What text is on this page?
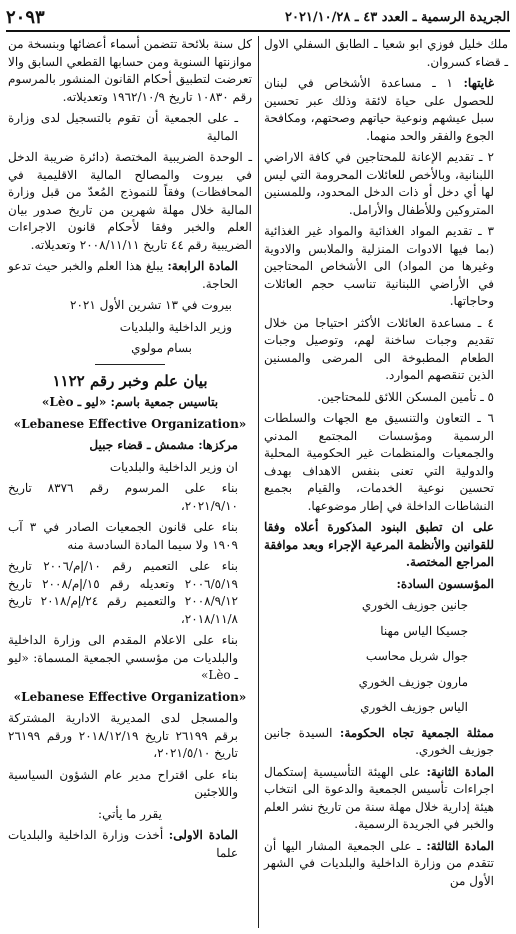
الجريدة الرسمية ـ العدد ٤٣ ـ ٢٠٢١/١٠/٢٨
٢٠٩٣

ملك خليل فوزي ابو شعيا ـ الطابق السفلي الاول ـ قضاء كسروان.

غايتها: ١ ـ مساعدة الأشخاص في لبنان للحصول على حياة لائقة وذلك عبر تحسين سبل عيشهم ونوعية حياتهم وصحتهم، ومكافحة الجوع والفقر والحد منهما.

٢ ـ تقديم الإعانة للمحتاجين في كافة الاراضي اللبنانية، وبالأخص للعائلات المحرومة التي ليس لها أي دخل أو ذات الدخل المحدود، وللمسنين المتروكين وللأطفال والأرامل.

٣ ـ تقديم المواد الغذائية والمواد غير الغذائية (بما فيها الادوات المنزلية والملابس والادوية وغيرها من المواد) الى الأشخاص المحتاجين في الأراضي اللبنانية تناسب حجم العائلات وحاجاتها.

٤ ـ مساعدة العائلات الأكثر احتياجا من خلال تقديم وجبات ساخنة لهم، وتوصيل وجبات الطعام المطبوخة الى المرضى والمسنين الذين تنقصهم الموارد.

٥ ـ تأمين المسكن اللائق للمحتاجين.

٦ ـ التعاون والتنسيق مع الجهات والسلطات الرسمية ومؤسسات المجتمع المدني والجمعيات والمنظمات غير الحكومية المحلية والدولية التي تعنى بنفس الاهداف بهدف تحسين نوعية الخدمات، والقيام بجميع النشاطات الداخلة في إطار موضوعها.

على ان تطبق البنود المذكورة أعلاه وفقا للقوانين والأنظمة المرعية الإجراء وبعد موافقة المراجع المختصة.

المؤسسون السادة:

جانين جوزيف الخوري

جسيكا الياس مهنا

جوال شربل محاسب

مارون جوزيف الخوري

الياس جوزيف الخوري

ممثلة الجمعية تجاه الحكومة: السيدة جانين جوزيف الخوري.

المادة الثانية: على الهيئة التأسيسية إستكمال اجراءات تأسيس الجمعية والدعوة الى انتخاب هيئة إدارية خلال مهلة سنة من تاريخ نشر العلم والخبر في الجريدة الرسمية.

المادة الثالثة: ـ على الجمعية المشار اليها أن تتقدم من وزارة الداخلية والبلديات في الشهر الأول من

كل سنة بلائحة تتضمن أسماء أعضائها وبنسخة من موازنتها السنوية ومن حسابها القطعي السابق والا تعرضت لتطبيق أحكام القانون المنشور بالمرسوم رقم ١٠٨٣٠ تاريخ ١٩٦٢/١٠/٩ وتعديلاته.

ـ على الجمعية أن تقوم بالتسجيل لدى وزارة المالية

ـ الوحدة الضريبية المختصة (دائرة ضريبة الدخل في بيروت والمصالح المالية الاقليمية في المحافظات) وفقاً للنموذج المُعدّ من قبل وزارة المالية خلال مهلة شهرين من تاريخ صدور بيان العلم والخبر وفقا لأحكام قانون الاجراءات الضريبية رقم ٤٤ تاريخ ٢٠٠٨/١١/١١ وتعديلاته.

المادة الرابعة: يبلغ هذا العلم والخبر حيث تدعو الحاجة.

بيروت في ١٣ تشرين الأول ٢٠٢١

وزير الداخلية والبلديات

بسام مولوي

بيان علم وخبر رقم ١١٢٢

بتاسيس جمعية باسم: «ليو ـ Lèo»

«Lebanese Effective Organization»

مركزها: مشمش ـ قضاء جبيل

ان وزير الداخلية والبلديات

بناء على المرسوم رقم ٨٣٧٦ تاريخ ٢٠٢١/٩/١٠،

بناء على قانون الجمعيات الصادر في ٣ آب ١٩٠٩ ولا سيما المادة السادسة منه

بناء على التعميم رقم ١٠/إم/٢٠٠٦ تاريخ ٢٠٠٦/٥/١٩ وتعديله رقم ١٥/إم/٢٠٠٨ تاريخ ٢٠٠٨/٩/١٢ والتعميم رقم ٢٤/إم/٢٠١٨ تاريخ ٢٠١٨/١١/٨،

بناء على الاعلام المقدم الى وزارة الداخلية والبلديات من مؤسسي الجمعية المسماة: «ليو ـ Lèo»

«Lebanese Effective Organization»

والمسجل لدى المديرية الادارية المشتركة برقم ٢٦١٩٩ تاريخ ٢٠١٨/١٢/١٩ ورقم ٢٦١٩٩ تاريخ ٢٠٢١/٥/١٠،

بناء على اقتراح مدير عام الشؤون السياسية واللاجئين

يقرر ما يأتي:

المادة الاولى: أخذت وزارة الداخلية والبلديات علما
